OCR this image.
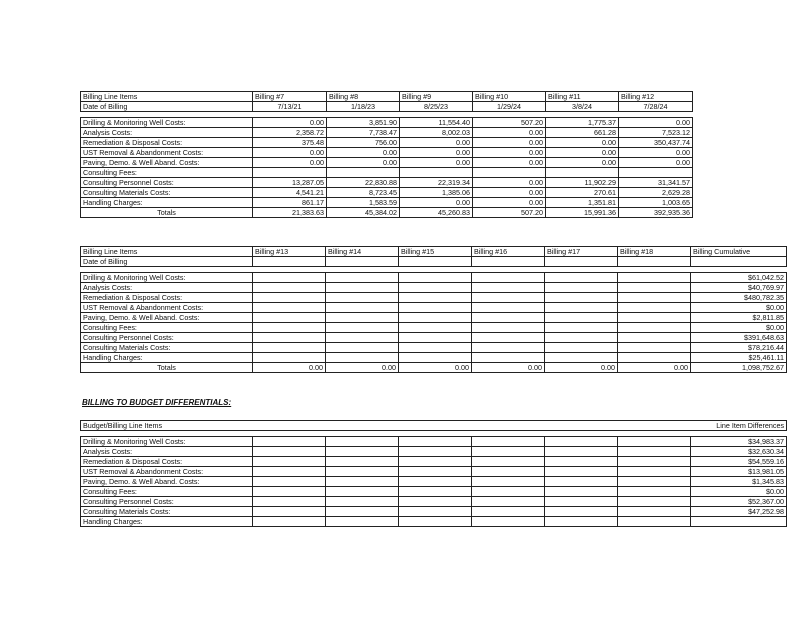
Billing Line Items	Billing #7	Billing #8	Billing #9	Billing #10	Billing #11	Billing #12
Date of Billing	7/13/21	1/18/23	8/25/23	1/29/24	3/8/24	7/28/24

Drilling & Monitoring Well Costs:	0.00	3,851.90	11,554.40	507.20	1,775.37	0.00
Analysis Costs:	2,358.72	7,738.47	8,002.03	0.00	661.28	7,523.12
Remediation & Disposal Costs:	375.48	756.00	0.00	0.00	0.00	350,437.74
UST Removal & Abandonment Costs:	0.00	0.00	0.00	0.00	0.00	0.00
Paving, Demo. & Well Aband. Costs:	0.00	0.00	0.00	0.00	0.00	0.00
Consulting Fees:						
Consulting Personnel Costs:	13,287.05	22,830.88	22,319.34	0.00	11,902.29	31,341.57
Consulting Materials Costs:	4,541.21	8,723.45	1,385.06	0.00	270.61	2,629.28
Handling Charges:	861.17	1,583.59	0.00	0.00	1,351.81	1,003.65
Totals	21,383.63	45,384.02	45,260.83	507.20	15,991.36	392,935.36
Billing Line Items	Billing #13	Billing #14	Billing #15	Billing #16	Billing #17	Billing #18	Billing Cumulative
Date of Billing							

Drilling & Monitoring Well Costs:							$61,042.52
Analysis Costs:							$40,769.97
Remediation & Disposal Costs:							$480,782.35
UST Removal & Abandonment Costs:							$0.00
Paving, Demo. & Well Aband. Costs:							$2,811.85
Consulting Fees:							$0.00
Consulting Personnel Costs:							$391,648.63
Consulting Materials Costs:							$78,216.44
Handling Charges:							$25,461.11
Totals	0.00	0.00	0.00	0.00	0.00	0.00	1,098,752.67
BILLING TO BUDGET DIFFERENTIALS:
Budget/Billing Line Items							Line Item Differences

Drilling & Monitoring Well Costs:							$34,983.37
Analysis Costs:							$32,630.34
Remediation & Disposal Costs:							$54,559.16
UST Removal & Abandonment Costs:							$13,981.05
Paving, Demo. & Well Aband. Costs:							$1,345.83
Consulting Fees:							$0.00
Consulting Personnel Costs:							$52,367.00
Consulting Materials Costs:							$47,252.98
Handling Charges:							
